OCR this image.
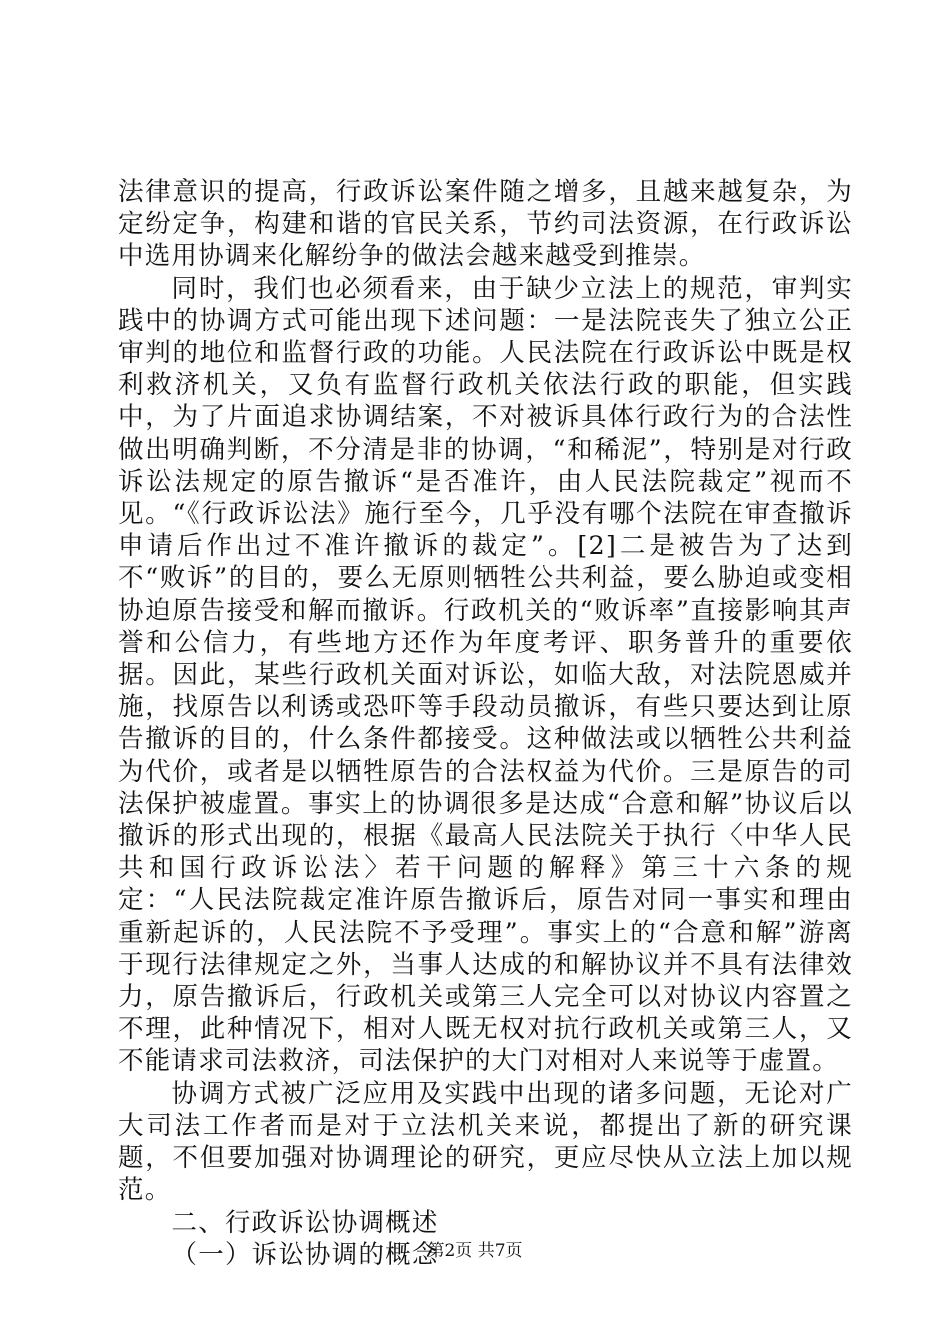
法律意识的提高，行政诉讼案件随之增多，且越来越复杂，为定纷定争，构建和谐的官民关系，节约司法资源，在行政诉讼中选用协调来化解纷争的做法会越来越受到推崇。

同时，我们也必须看来，由于缺少立法上的规范，审判实践中的协调方式可能出现下述问题：一是法院丧失了独立公正审判的地位和监督行政的功能。人民法院在行政诉讼中既是权利救济机关，又负有监督行政机关依法行政的职能，但实践中，为了片面追求协调结案，不对被诉具体行政行为的合法性做出明确判断，不分清是非的协调，“和稀泥”，特别是对行政诉讼法规定的原告撤诉“是否准许，由人民法院裁定”视而不见。“《行政诉讼法》施行至今，几乎没有哪个法院在审查撤诉申请后作出过不准许撤诉的裁定”。[2]二是被告为了达到不“败诉”的目的，要么无原则牺牲公共利益，要么胁迫或变相协迫原告接受和解而撤诉。行政机关的“败诉率”直接影响其声誉和公信力，有些地方还作为年度考评、职务普升的重要依据。因此，某些行政机关面对诉讼，如临大敌，对法院恩威并施，找原告以利诱或恐吓等手段动员撤诉，有些只要达到让原告撤诉的目的，什么条件都接受。这种做法或以牺牲公共利益为代价，或者是以牺牲原告的合法权益为代价。三是原告的司法保护被虚置。事实上的协调很多是达成“合意和解”协议后以撤诉的形式出现的，根据《最高人民法院关于执行〈中华人民共和国行政诉讼法〉若干问题的解释》第三十六条的规定：“人民法院裁定准许原告撤诉后，原告对同一事实和理由重新起诉的，人民法院不予受理”。事实上的“合意和解”游离于现行法律规定之外，当事人达成的和解协议并不具有法律效力，原告撤诉后，行政机关或第三人完全可以对协议内容置之不理，此种情况下，相对人既无权对抗行政机关或第三人，又不能请求司法救济，司法保护的大门对相对人来说等于虚置。

协调方式被广泛应用及实践中出现的诸多问题，无论对广大司法工作者而是对于立法机关来说，都提出了新的研究课题，不但要加强对协调理论的研究，更应尽快从立法上加以规范。

二、行政诉讼协调概述

（一）诉讼协调的概念

第2页 共7页
